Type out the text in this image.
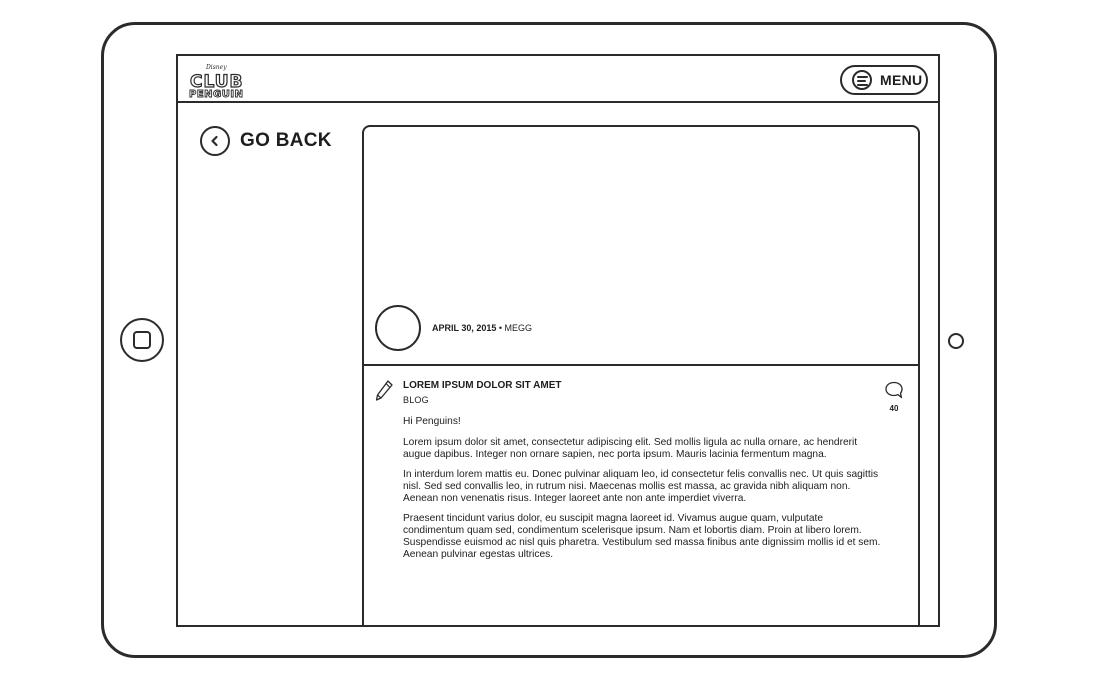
Disney
CLUB
PENGUIN
MENU
GO BACK
APRIL 30, 2015 • MEGG
LOREM IPSUM DOLOR SIT AMET
BLOG
40

Hi Penguins!

Lorem ipsum dolor sit amet, consectetur adipiscing elit. Sed mollis ligula ac nulla ornare, ac hendrerit augue dapibus. Integer non ornare sapien, nec porta ipsum. Mauris lacinia fermentum magna.

In interdum lorem mattis eu. Donec pulvinar aliquam leo, id consectetur felis convallis nec. Ut quis sagittis nisl. Sed sed convallis leo, in rutrum nisi. Maecenas mollis est massa, ac gravida nibh aliquam non. Aenean non venenatis risus. Integer laoreet ante non ante imperdiet viverra.

Praesent tincidunt varius dolor, eu suscipit magna laoreet id. Vivamus augue quam, vulputate condimentum quam sed, condimentum scelerisque ipsum. Nam et lobortis diam. Proin at libero lorem. Suspendisse euismod ac nisl quis pharetra. Vestibulum sed massa finibus ante dignissim mollis id et sem. Aenean pulvinar egestas ultrices.
